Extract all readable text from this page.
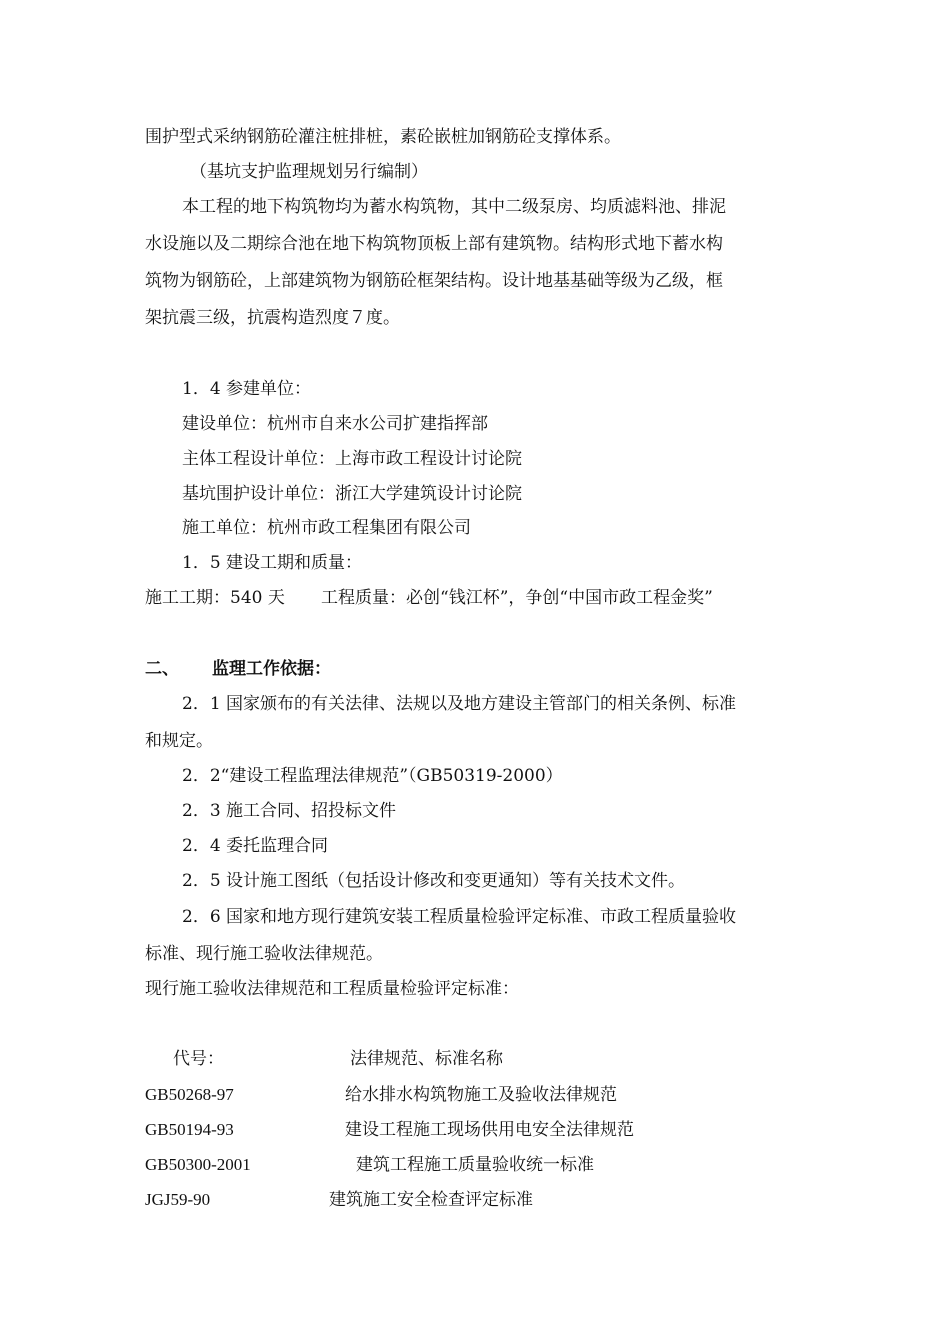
围护型式采纳钢筋砼灌注桩排桩，素砼嵌桩加钢筋砼支撑体系。
（基坑支护监理规划另行编制）
本工程的地下构筑物均为蓄水构筑物，其中二级泵房、均质滤料池、排泥
水设施以及二期综合池在地下构筑物顶板上部有建筑物。结构形式地下蓄水构
筑物为钢筋砼，上部建筑物为钢筋砼框架结构。设计地基基础等级为乙级，框
架抗震三级，抗震构造烈度７度。
1．4 参建单位：
建设单位：杭州市自来水公司扩建指挥部
主体工程设计单位：上海市政工程设计讨论院
基坑围护设计单位：浙江大学建筑设计讨论院
施工单位：杭州市政工程集团有限公司
1．5 建设工期和质量：
施工工期：540 天 工程质量：必创“钱江杯”，争创“中国市政工程金奖”
二、 监理工作依据：
2．1 国家颁布的有关法律、法规以及地方建设主管部门的相关条例、标准
和规定。
2．2“建设工程监理法律规范”（GB50319-2000）
2．3 施工合同、招投标文件
2．4 委托监理合同
2．5 设计施工图纸（包括设计修改和变更通知）等有关技术文件。
2．6 国家和地方现行建筑安装工程质量检验评定标准、市政工程质量验收
标准、现行施工验收法律规范。
现行施工验收法律规范和工程质量检验评定标准：
代号：	法律规范、标准名称
GB50268-97	给水排水构筑物施工及验收法律规范
GB50194-93	建设工程施工现场供用电安全法律规范
GB50300-2001	建筑工程施工质量验收统一标准
JGJ59-90	建筑施工安全检查评定标准
